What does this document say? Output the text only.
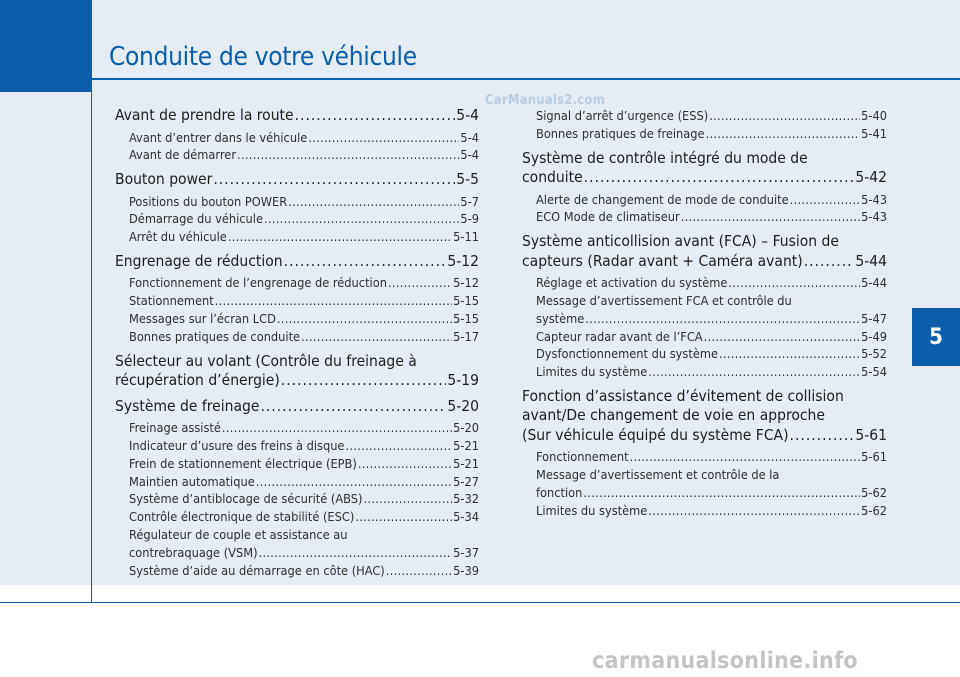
Conduite de votre véhicule
5
CarManuals2.com
carmanualsonline.info
Avant de prendre la route .....	5-4
Avant d’entrer dans le véhicule .....	5-4
Avant de démarrer .....	5-4
Bouton power .....	5-5
Positions du bouton POWER .....	5-7
Démarrage du véhicule .....	5-9
Arrêt du véhicule .....	5-11
Engrenage de réduction .....	5-12
Fonctionnement de l’engrenage de réduction .....	5-12
Stationnement .....	5-15
Messages sur l’écran LCD .....	5-15
Bonnes pratiques de conduite .....	5-17
Sélecteur au volant (Contrôle du freinage à
récupération d’énergie) .....	5-19
Système de freinage .....	5-20
Freinage assisté .....	5-20
Indicateur d’usure des freins à disque .....	5-21
Frein de stationnement électrique (EPB) .....	5-21
Maintien automatique .....	5-27
Système d’antiblocage de sécurité (ABS) .....	5-32
Contrôle électronique de stabilité (ESC) .....	5-34
Régulateur de couple et assistance au
contrebraquage (VSM) .....	5-37
Système d’aide au démarrage en côte (HAC) .....	5-39
Signal d’arrêt d’urgence (ESS) .....	5-40
Bonnes pratiques de freinage .....	5-41
Système de contrôle intégré du mode de
conduite .....	5-42
Alerte de changement de mode de conduite .....	5-43
ECO Mode de climatiseur .....	5-43
Système anticollision avant (FCA) – Fusion de
capteurs (Radar avant + Caméra avant) .....	5-44
Réglage et activation du système .....	5-44
Message d’avertissement FCA et contrôle du
système .....	5-47
Capteur radar avant de l’FCA .....	5-49
Dysfonctionnement du système .....	5-52
Limites du système .....	5-54
Fonction d’assistance d’évitement de collision
avant/De changement de voie en approche
(Sur véhicule équipé du système FCA) .....	5-61
Fonctionnement .....	5-61
Message d’avertissement et contrôle de la
fonction .....	5-62
Limites du système .....	5-62
